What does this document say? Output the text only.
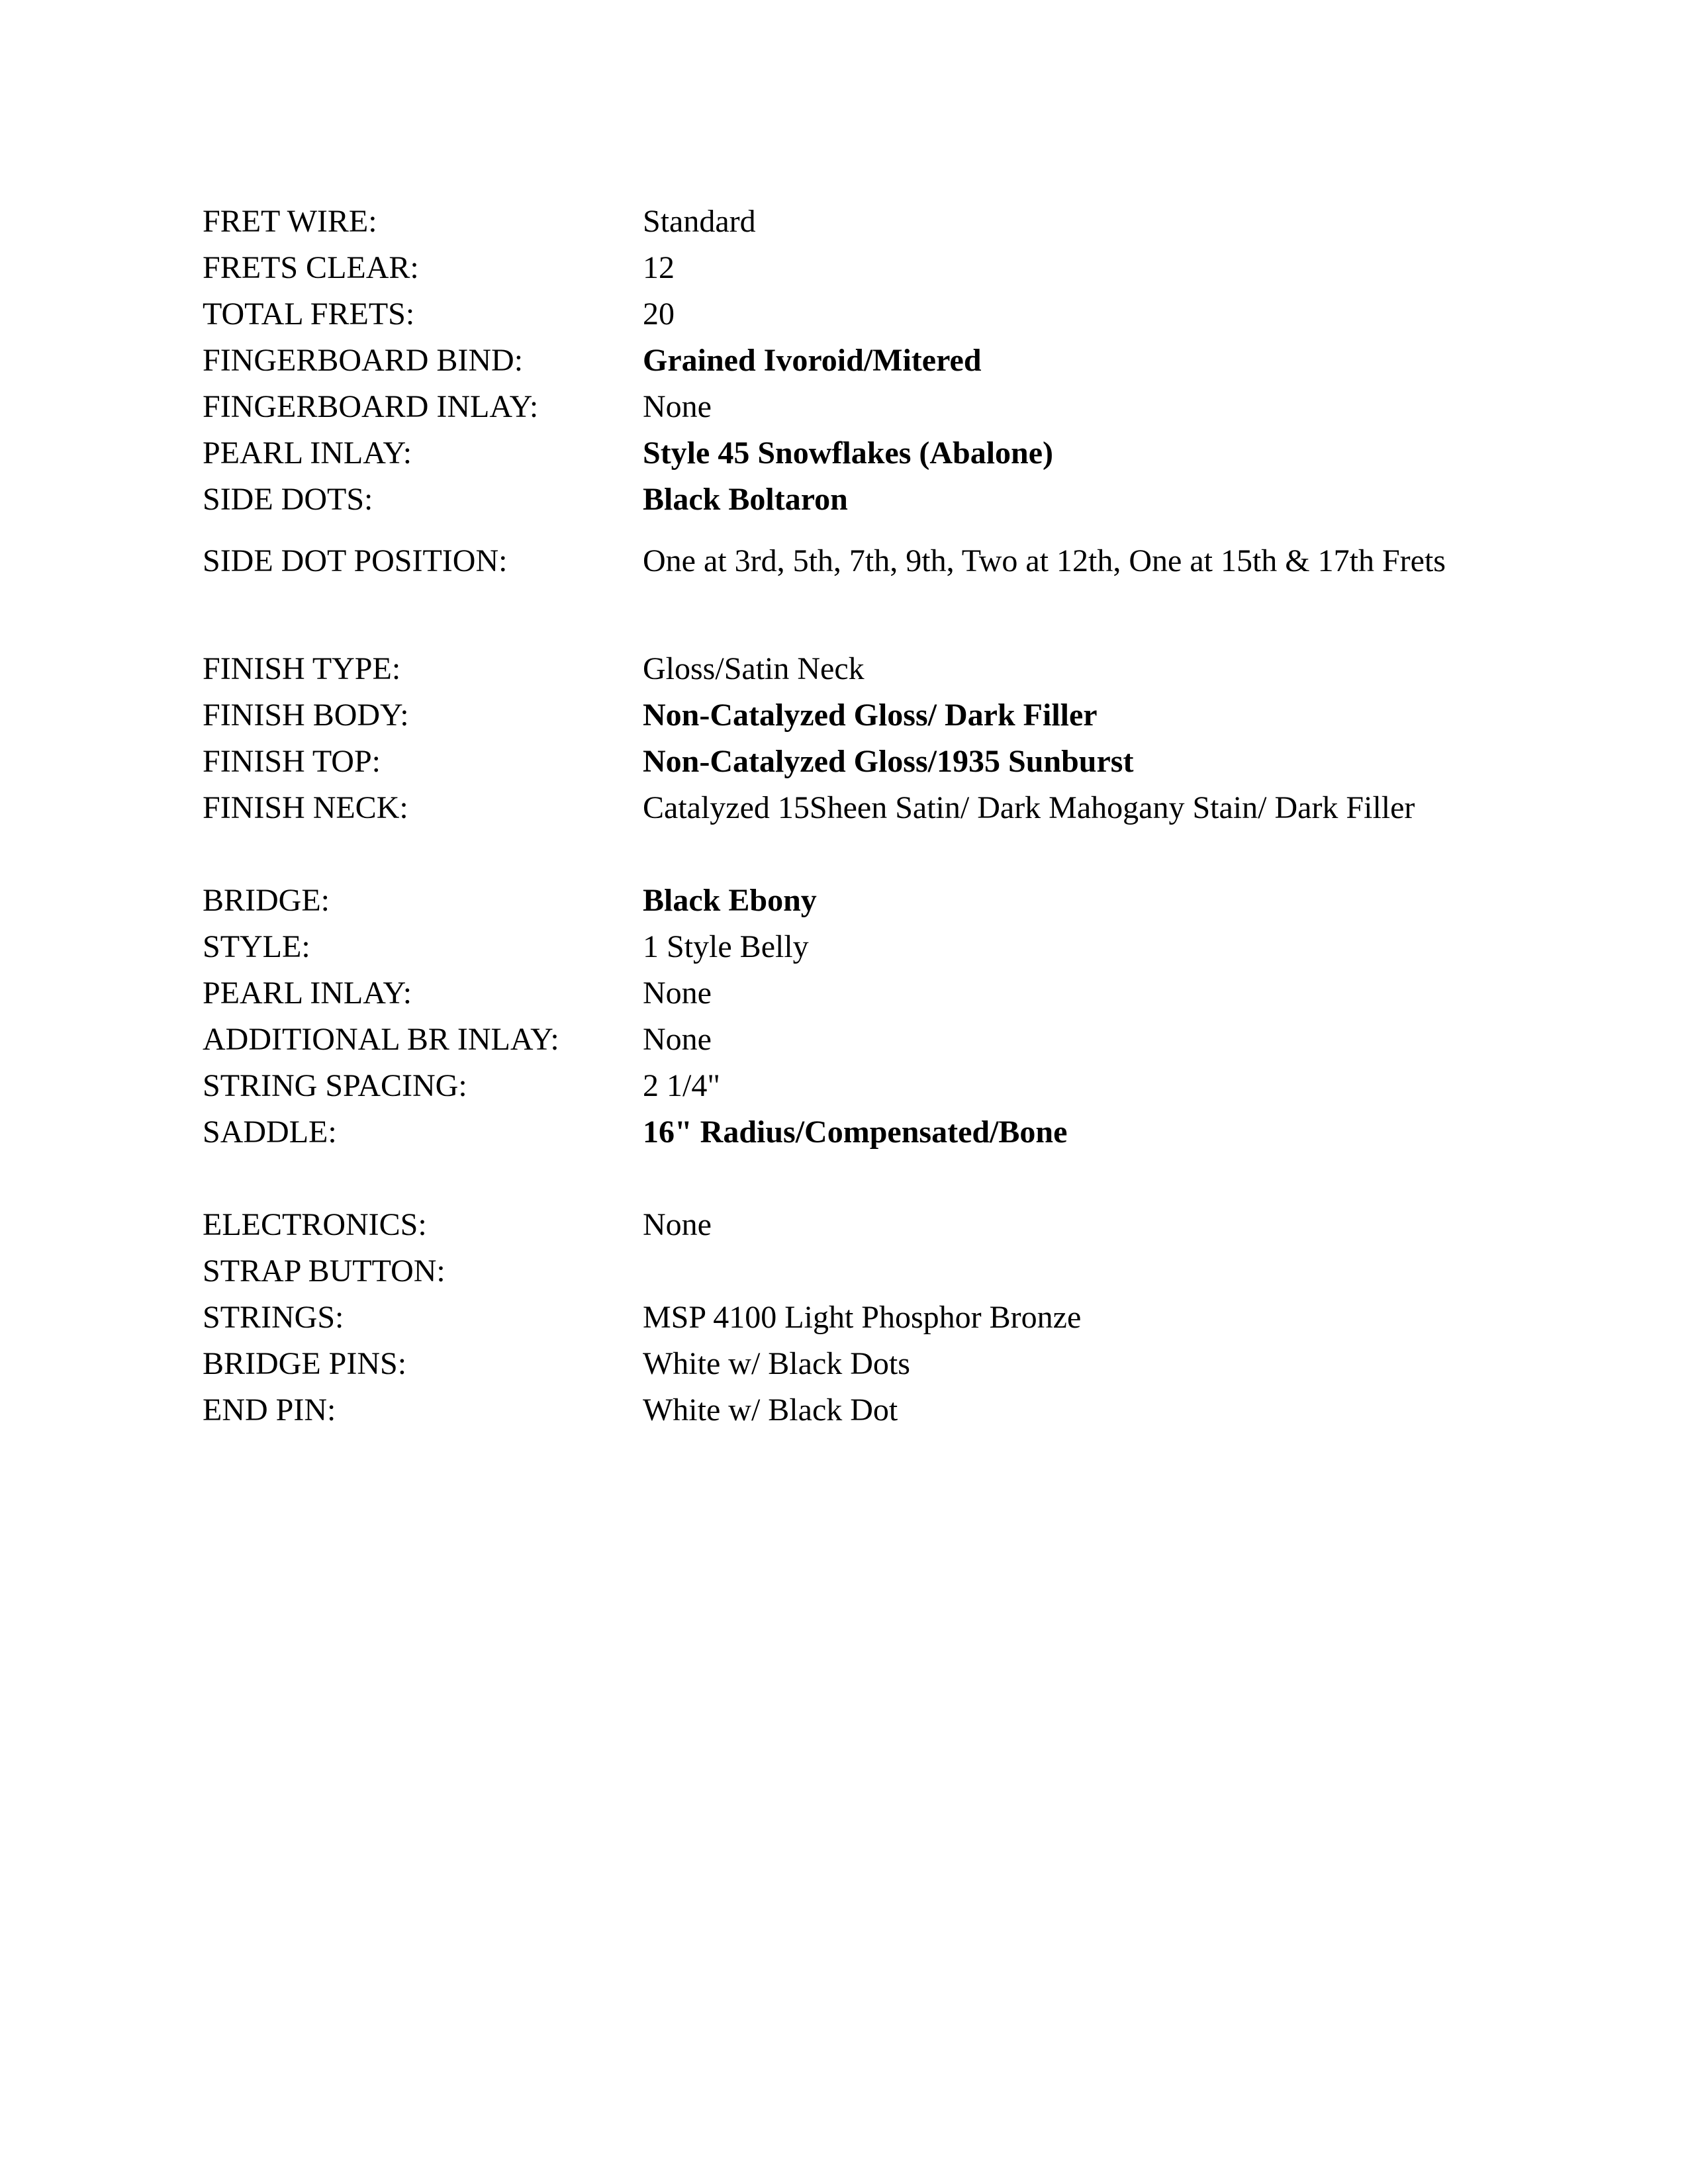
FRET WIRE:	Standard
FRETS CLEAR:	12
TOTAL FRETS:	20
FINGERBOARD BIND:	Grained Ivoroid/Mitered
FINGERBOARD INLAY:	None
PEARL INLAY:	Style 45 Snowflakes (Abalone)
SIDE DOTS:	Black Boltaron
SIDE DOT POSITION:	One at 3rd, 5th, 7th, 9th, Two at 12th, One at 15th & 17th Frets
FINISH TYPE:	Gloss/Satin Neck
FINISH BODY:	Non-Catalyzed Gloss/ Dark Filler
FINISH TOP:	Non-Catalyzed Gloss/1935 Sunburst
FINISH NECK:	Catalyzed 15Sheen Satin/ Dark Mahogany Stain/ Dark Filler
BRIDGE:	Black Ebony
STYLE:	1 Style Belly
PEARL INLAY:	None
ADDITIONAL BR INLAY:	None
STRING SPACING:	2 1/4"
SADDLE:	16" Radius/Compensated/Bone
ELECTRONICS:	None
STRAP BUTTON:
STRINGS:	MSP 4100 Light Phosphor Bronze
BRIDGE PINS:	White w/ Black Dots
END PIN:	White w/ Black Dot
